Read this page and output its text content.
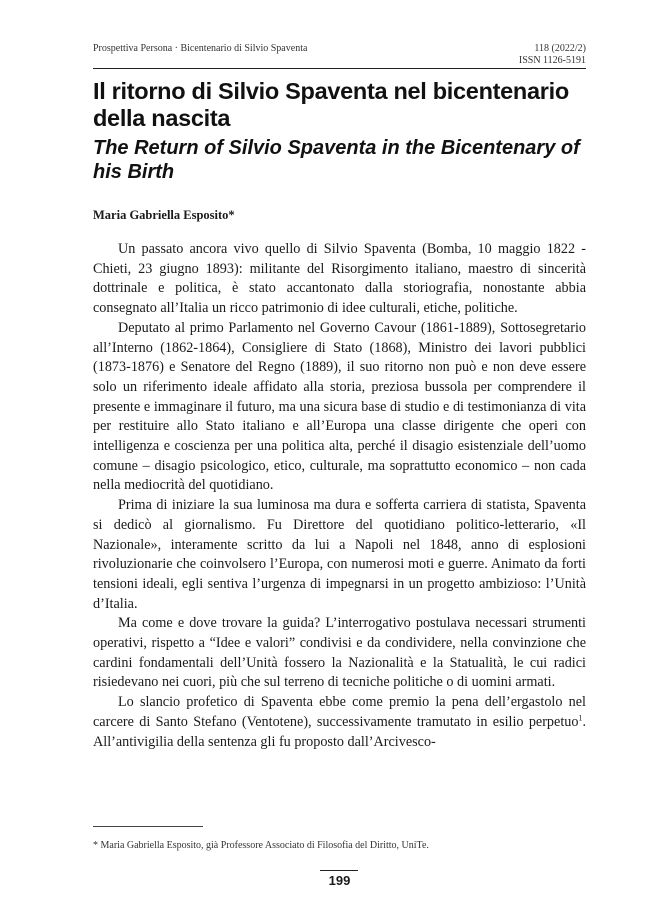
Prospettiva Persona · Bicentenario di Silvio Spaventa	118 (2022/2)
ISSN 1126-5191
Il ritorno di Silvio Spaventa nel bicentenario della nascita
The Return of Silvio Spaventa in the Bicentenary of his Birth

Maria Gabriella Esposito*

Un passato ancora vivo quello di Silvio Spaventa (Bomba, 10 maggio 1822 - Chieti, 23 giugno 1893): militante del Risorgimento italiano, maestro di sincerità dottrinale e politica, è stato accantonato dalla storiografia, nonostante abbia consegnato all’Italia un ricco patrimonio di idee culturali, etiche, politiche.

Deputato al primo Parlamento nel Governo Cavour (1861-1889), Sottosegretario all’Interno (1862-1864), Consigliere di Stato (1868), Ministro dei lavori pubblici (1873-1876) e Senatore del Regno (1889), il suo ritorno non può e non deve essere solo un riferimento ideale affidato alla storia, preziosa bussola per comprendere il presente e immaginare il futuro, ma una sicura base di studio e di testimonianza di vita per restituire allo Stato italiano e all’Europa una classe dirigente che operi con intelligenza e coscienza per una politica alta, perché il disagio esistenziale dell’uomo comune – disagio psicologico, etico, culturale, ma soprattutto economico – non cada nella mediocrità del quotidiano.

Prima di iniziare la sua luminosa ma dura e sofferta carriera di statista, Spaventa si dedicò al giornalismo. Fu Direttore del quotidiano politico-letterario, «Il Nazionale», interamente scritto da lui a Napoli nel 1848, anno di esplosioni rivoluzionarie che coinvolsero l’Europa, con numerosi moti e guerre. Animato da forti tensioni ideali, egli sentiva l’urgenza di impegnarsi in un progetto ambizioso: l’Unità d’Italia.

Ma come e dove trovare la guida? L’interrogativo postulava necessari strumenti operativi, rispetto a “Idee e valori” condivisi e da condividere, nella convinzione che cardini fondamentali dell’Unità fossero la Nazionalità e la Statualità, le cui radici risiedevano nei cuori, più che sul terreno di tecniche politiche o di uomini armati.

Lo slancio profetico di Spaventa ebbe come premio la pena dell’ergastolo nel carcere di Santo Stefano (Ventotene), successivamente tramutato in esilio perpetuo$^1$. All’antivigilia della sentenza gli fu proposto dall’Arcivesco-

* Maria Gabriella Esposito, già Professore Associato di Filosofia del Diritto, UniTe.

199
